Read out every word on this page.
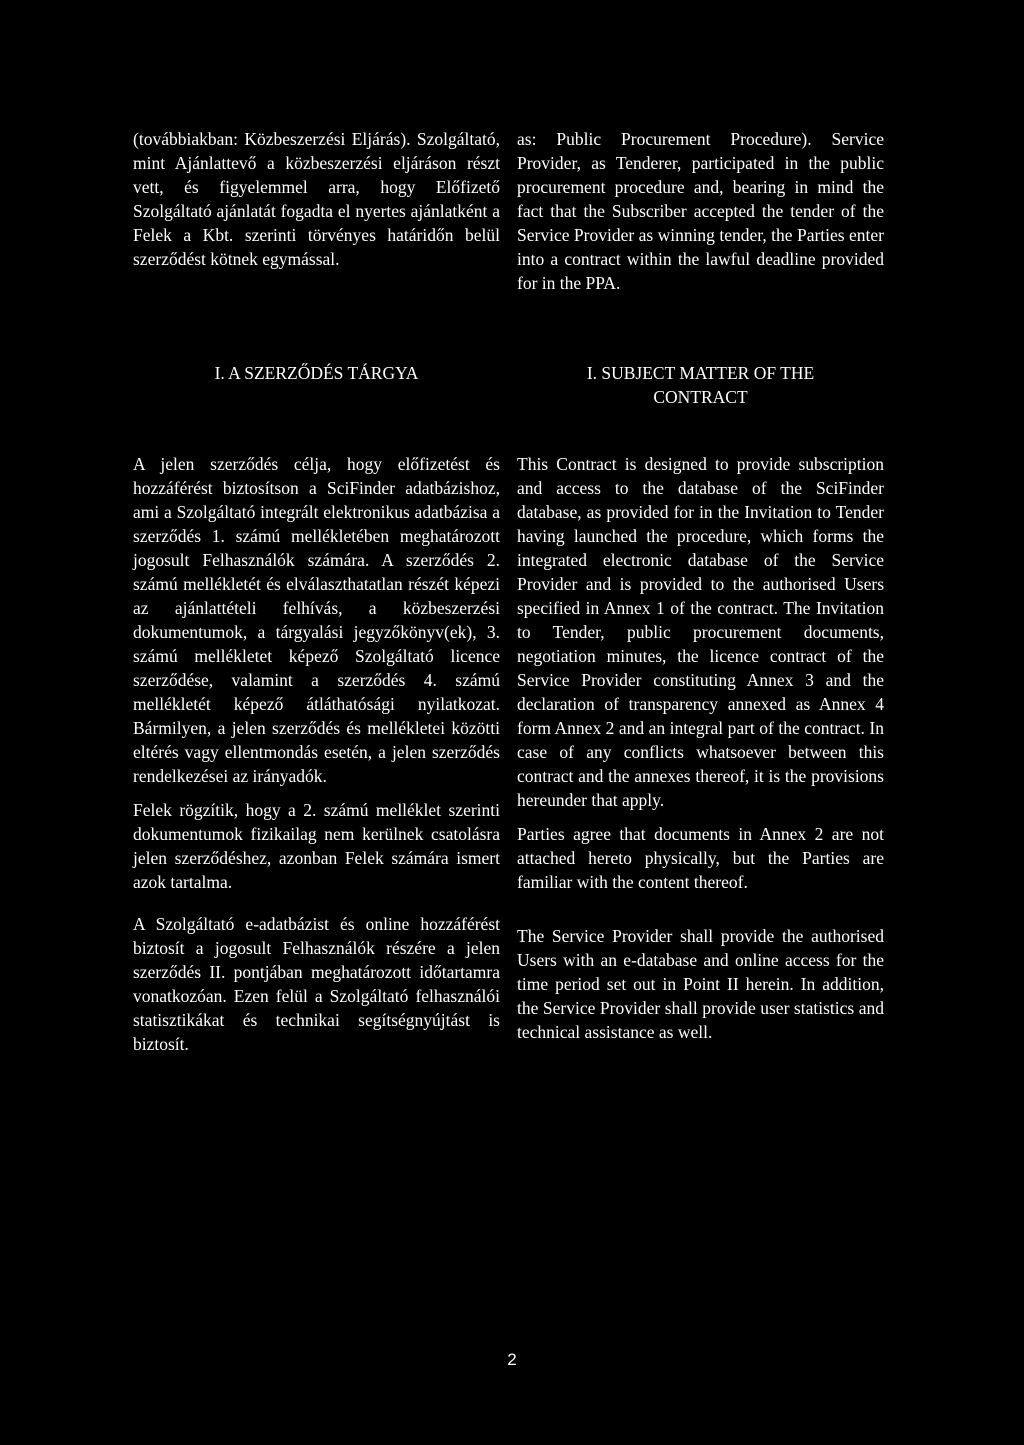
(továbbiakban: Közbeszerzési Eljárás). Szolgáltató, mint Ajánlattevő a közbeszerzési eljáráson részt vett, és figyelemmel arra, hogy Előfizető Szolgáltató ajánlatát fogadta el nyertes ajánlatként a Felek a Kbt. szerinti törvényes határidőn belül szerződést kötnek egymással.

as: Public Procurement Procedure). Service Provider, as Tenderer, participated in the public procurement procedure and, bearing in mind the fact that the Subscriber accepted the tender of the Service Provider as winning tender, the Parties enter into a contract within the lawful deadline provided for in the PPA.

I. A SZERZŐDÉS TÁRGYA	I. SUBJECT MATTER OF THE CONTRACT

A jelen szerződés célja, hogy előfizetést és hozzáférést biztosítson a SciFinder adatbázishoz, ami a Szolgáltató integrált elektronikus adatbázisa a szerződés 1. számú mellékletében meghatározott jogosult Felhasználók számára. A szerződés 2. számú mellékletét és elválaszthatatlan részét képezi az ajánlattételi felhívás, a közbeszerzési dokumentumok, a tárgyalási jegyzőkönyv(ek), 3. számú mellékletet képező Szolgáltató licence szerződése, valamint a szerződés 4. számú mellékletét képező átláthatósági nyilatkozat. Bármilyen, a jelen szerződés és mellékletei közötti eltérés vagy ellentmondás esetén, a jelen szerződés rendelkezései az irányadók.

Felek rögzítik, hogy a 2. számú melléklet szerinti dokumentumok fizikailag nem kerülnek csatolásra jelen szerződéshez, azonban Felek számára ismert azok tartalma.

A Szolgáltató e-adatbázist és online hozzáférést biztosít a jogosult Felhasználók részére a jelen szerződés II. pontjában meghatározott időtartamra vonatkozóan. Ezen felül a Szolgáltató felhasználói statisztikákat és technikai segítségnyújtást is biztosít.

This Contract is designed to provide subscription and access to the database of the SciFinder database, as provided for in the Invitation to Tender having launched the procedure, which forms the integrated electronic database of the Service Provider and is provided to the authorised Users specified in Annex 1 of the contract. The Invitation to Tender, public procurement documents, negotiation minutes, the licence contract of the Service Provider constituting Annex 3 and the declaration of transparency annexed as Annex 4 form Annex 2 and an integral part of the contract. In case of any conflicts whatsoever between this contract and the annexes thereof, it is the provisions hereunder that apply.

Parties agree that documents in Annex 2 are not attached hereto physically, but the Parties are familiar with the content thereof.

The Service Provider shall provide the authorised Users with an e-database and online access for the time period set out in Point II herein. In addition, the Service Provider shall provide user statistics and technical assistance as well.

2
